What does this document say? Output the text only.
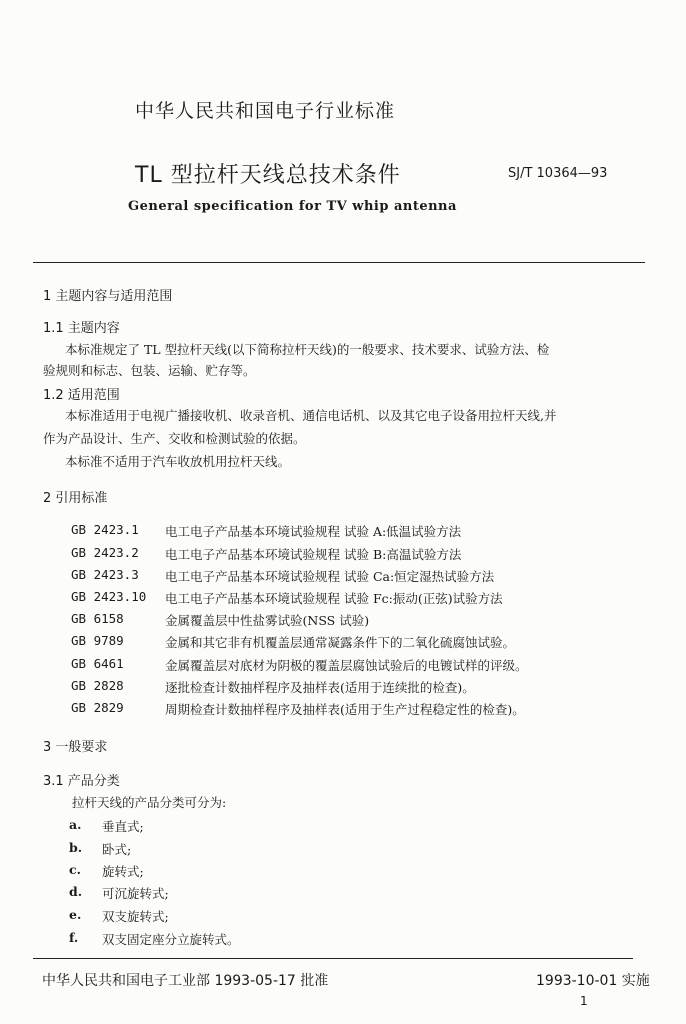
中华人民共和国电子行业标准
TL 型拉杆天线总技术条件	SJ/T 10364—93
General specification for TV whip antenna
1 主题内容与适用范围
1.1 主题内容
本标准规定了 TL 型拉杆天线(以下简称拉杆天线)的一般要求、技术要求、试验方法、检
验规则和标志、包装、运输、贮存等。
1.2 适用范围
本标准适用于电视广播接收机、收录音机、通信电话机、以及其它电子设备用拉杆天线,并
作为产品设计、生产、交收和检测试验的依据。
本标准不适用于汽车收放机用拉杆天线。
2 引用标准
GB 2423.1 电工电子产品基本环境试验规程 试验 A:低温试验方法
GB 2423.2 电工电子产品基本环境试验规程 试验 B:高温试验方法
GB 2423.3 电工电子产品基本环境试验规程 试验 Ca:恒定湿热试验方法
GB 2423.10 电工电子产品基本环境试验规程 试验 Fc:振动(正弦)试验方法
GB 6158	金属覆盖层中性盐雾试验(NSS 试验)
GB 9789	金属和其它非有机覆盖层通常凝露条件下的二氧化硫腐蚀试验。
GB 6461	金属覆盖层对底材为阴极的覆盖层腐蚀试验后的电镀试样的评级。
GB 2828	逐批检查计数抽样程序及抽样表(适用于连续批的检查)。
GB 2829	周期检查计数抽样程序及抽样表(适用于生产过程稳定性的检查)。
3 一般要求
3.1 产品分类
拉杆天线的产品分类可分为:
a. 垂直式;
b. 卧式;
c. 旋转式;
d. 可沉旋转式;
e. 双支旋转式;
f. 双支固定座分立旋转式。
中华人民共和国电子工业部 1993-05-17 批准	1993-10-01 实施
1
